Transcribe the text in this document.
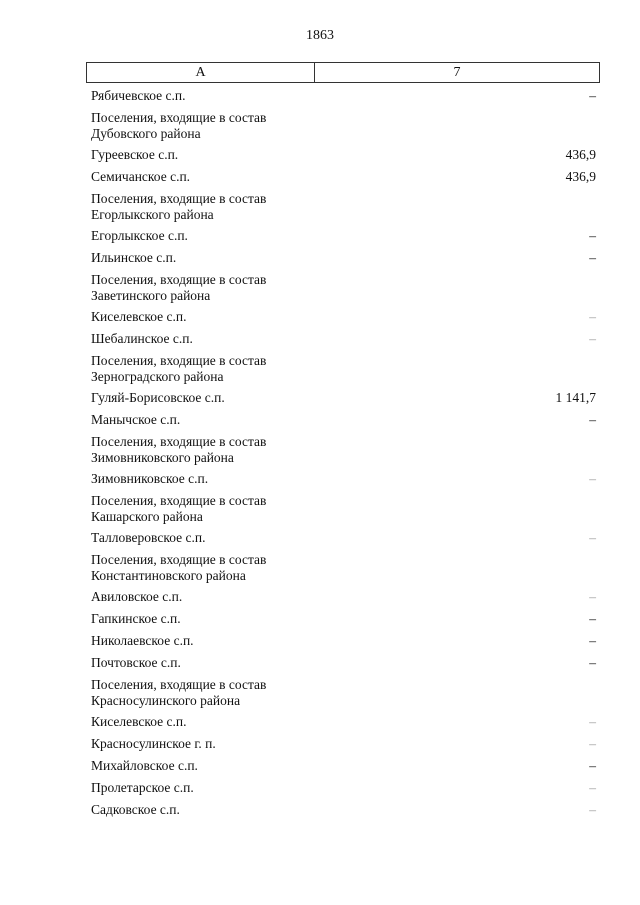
1863
А	7
Рябичевское с.п.	–
Поселения, входящие в состав
Дубовского района
Гуреевское с.п.	436,9
Семичанское с.п.	436,9
Поселения, входящие в состав
Егорлыкского района
Егорлыкское с.п.	–
Ильинское с.п.	–
Поселения, входящие в состав
Заветинского района
Киселевское с.п.	–
Шебалинское с.п.	–
Поселения, входящие в состав
Зерноградского района
Гуляй-Борисовское с.п.	1 141,7
Манычское с.п.	–
Поселения, входящие в состав
Зимовниковского района
Зимовниковское с.п.	–
Поселения, входящие в состав
Кашарского района
Талловеровское с.п.	–
Поселения, входящие в состав
Константиновского района
Авиловское с.п.	–
Гапкинское с.п.	–
Николаевское с.п.	–
Почтовское с.п.	–
Поселения, входящие в состав
Красносулинского района
Киселевское с.п.	–
Красносулинское г. п.	–
Михайловское с.п.	–
Пролетарское с.п.	–
Садковское с.п.	–
